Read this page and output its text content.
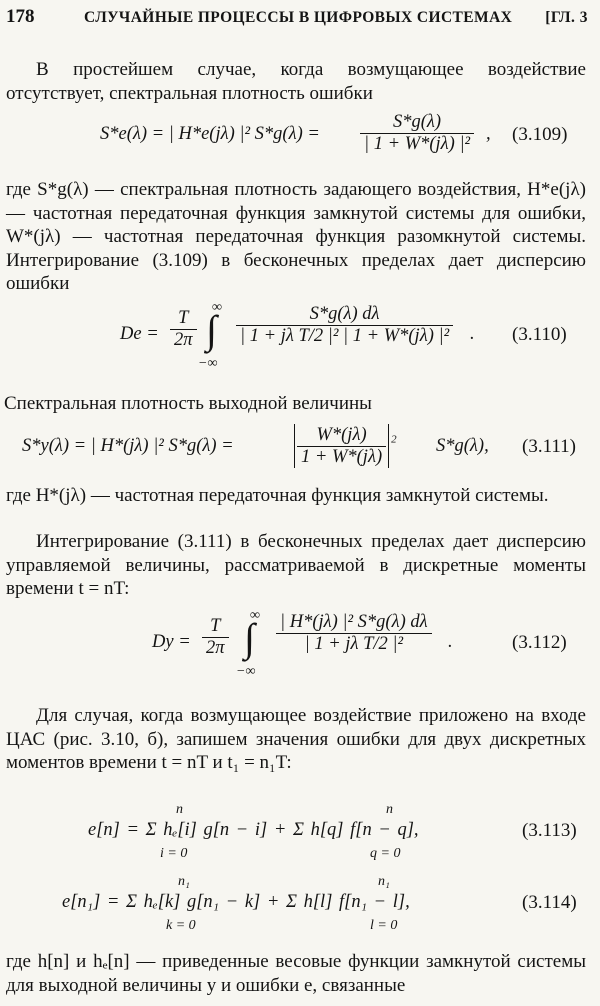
178	СЛУЧАЙНЫЕ ПРОЦЕССЫ В ЦИФРОВЫХ СИСТЕМАХ [ГЛ. 3
В простейшем случае, когда возмущающее воздействие отсутствует, спектральная плотность ошибки
S*e(λ) = | H*e(jλ) |² $S*g(\lambda) = \frac{S*g(\lambda)}{\text{| 1 + W*(jλ) |²}}$ , (3.109)
где S*g(λ) — спектральная плотность задающего воздействия, H*e(jλ) — частотная передаточная функция замкнутой системы для ошибки, W*(jλ) — частотная передаточная функция разомкнутой системы. Интегрирование (3.109) в бесконечных пределах дает дисперсию ошибки
$De = \frac{T}{2\pi}$
∞
∫
−∞
$\frac{S*g(\lambda) d\lambda}{\text{| 1 + jλ T/2 |² | 1 + W*(jλ) |²}}$ . (3.110)
Спектральная плотность выходной величины
S*y(λ) = | H*(jλ) |² S*g(λ) =	$\frac{W*(j\lambda)}{1 + W*(j\lambda)} ^2$ S*g(λ), (3.111)
где H*(jλ) — частотная передаточная функция замкнутой системы.
Интегрирование (3.111) в бесконечных пределах дает дисперсию управляемой величины, рассматриваемой в дискретные моменты времени t = nT:
$Dy = \frac{T}{2\pi}$
∞
∫
−∞
$\frac{\text{| H*(jλ) |² S*g(λ) dλ}}{\text{| 1 + jλ T/2 |²}}$ .	(3.112)
Для случая, когда возмущающее воздействие приложено на входе ЦАС (рис. 3.10, б), запишем значения ошибки для двух дискретных моментов времени t = nT и t₁ = n₁T:
n	n
e[n] = Σ hₑ[i] g[n − i] + Σ h[q] f[n − q],
i = 0	q = 0
(3.113)
n₁	n₁
e[n₁] = Σ hₑ[k] g[n₁ − k] + Σ h[l] f[n₁ − l],
k = 0	l = 0
(3.114)
где h[n] и hₑ[n] — приведенные весовые функции замкнутой системы для выходной величины y и ошибки e, связанные
